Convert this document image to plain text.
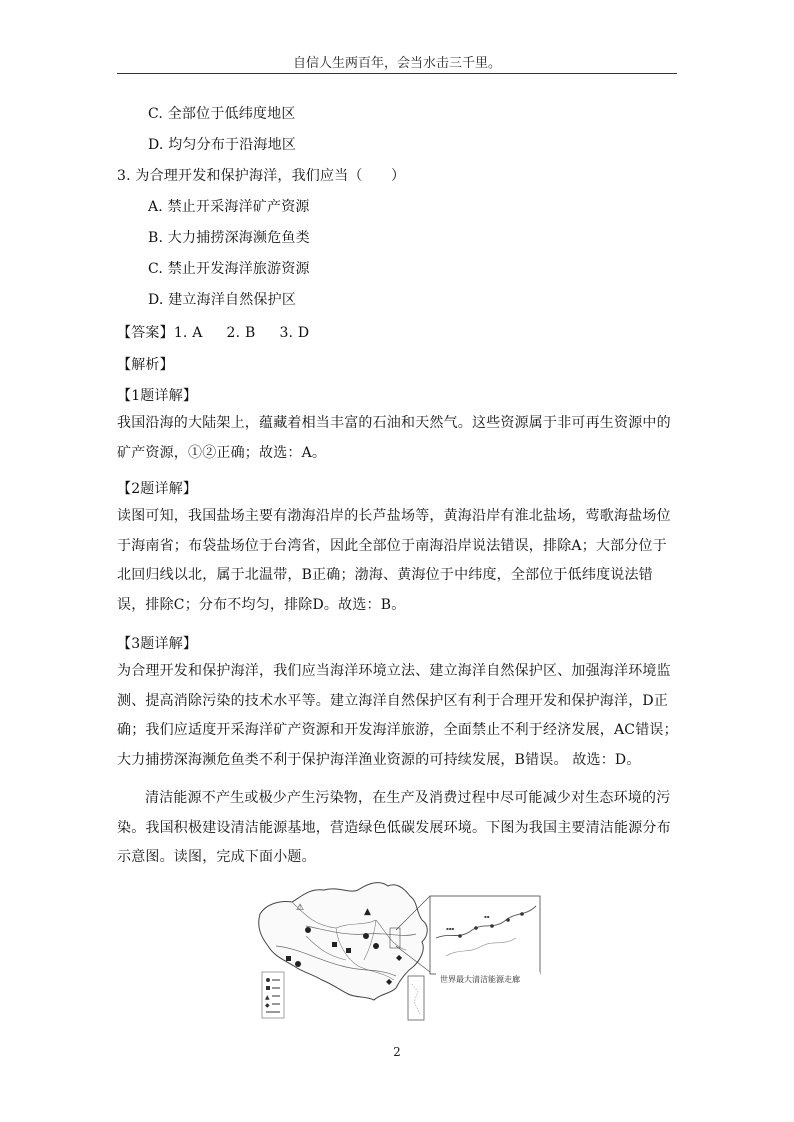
自信人生两百年，会当水击三千里。
C. 全部位于低纬度地区
D. 均匀分布于沿海地区
3. 为合理开发和保护海洋，我们应当（　　）
A. 禁止开采海洋矿产资源
B. 大力捕捞深海濒危鱼类
C. 禁止开发海洋旅游资源
D. 建立海洋自然保护区
【答案】1. A 2. B 3. D
【解析】
【1题详解】
我国沿海的大陆架上，蕴藏着相当丰富的石油和天然气。这些资源属于非可再生资源中的矿产资源，①②正确；故选：A。
【2题详解】
读图可知，我国盐场主要有渤海沿岸的长芦盐场等，黄海沿岸有淮北盐场，莺歌海盐场位于海南省；布袋盐场位于台湾省，因此全部位于南海沿岸说法错误，排除A；大部分位于北回归线以北，属于北温带，B正确；渤海、黄海位于中纬度，全部位于低纬度说法错误，排除C；分布不均匀，排除D。故选：B。
【3题详解】
为合理开发和保护海洋，我们应当海洋环境立法、建立海洋自然保护区、加强海洋环境监测、提高消除污染的技术水平等。建立海洋自然保护区有利于合理开发和保护海洋，D正确；我们应适度开采海洋矿产资源和开发海洋旅游，全面禁止不利于经济发展，AC错误；大力捕捞深海濒危鱼类不利于保护海洋渔业资源的可持续发展，B错误。 故选：D。
清洁能源不产生或极少产生污染物，在生产及消费过程中尽可能减少对生态环境的污染。我国积极建设清洁能源基地，营造绿色低碳发展环境。下图为我国主要清洁能源分布示意图。读图，完成下面小题。
⚠	▲
◆
◆
▲
◆
▪▪▪
▪▪
世界最大清洁能源走廊
2
